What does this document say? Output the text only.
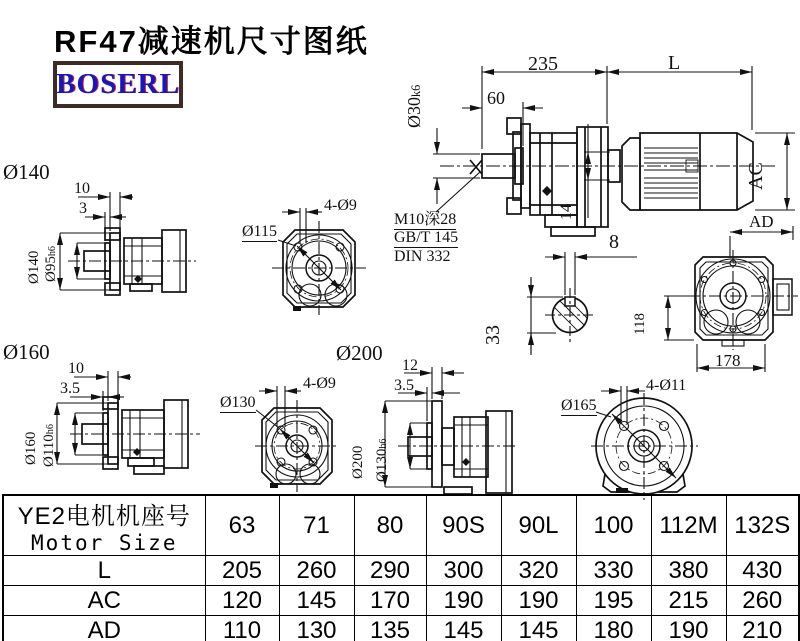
RF47减速机尺寸图纸
BOSERL
235	L
60
Ø30k6
AC
AD
14
M10深28
GB/T 145
DIN 332
8
33	118
178
Ø140
10
3
Ø140 Ø95h6
4-Ø9
Ø115
Ø160
10
3.5
Ø160 Ø110h6
Ø200
4-Ø9
Ø130
12
3.5
Ø200 Ø130h6
4-Ø11
Ø165
YE2电机机座号
Motor Size	63	71	80	90S	90L	100	112M	132S
L	205	260	290	300	320	330	380	430
AC	120	145	170	190	190	195	215	260
AD	110	130	135	145	145	180	190	210
